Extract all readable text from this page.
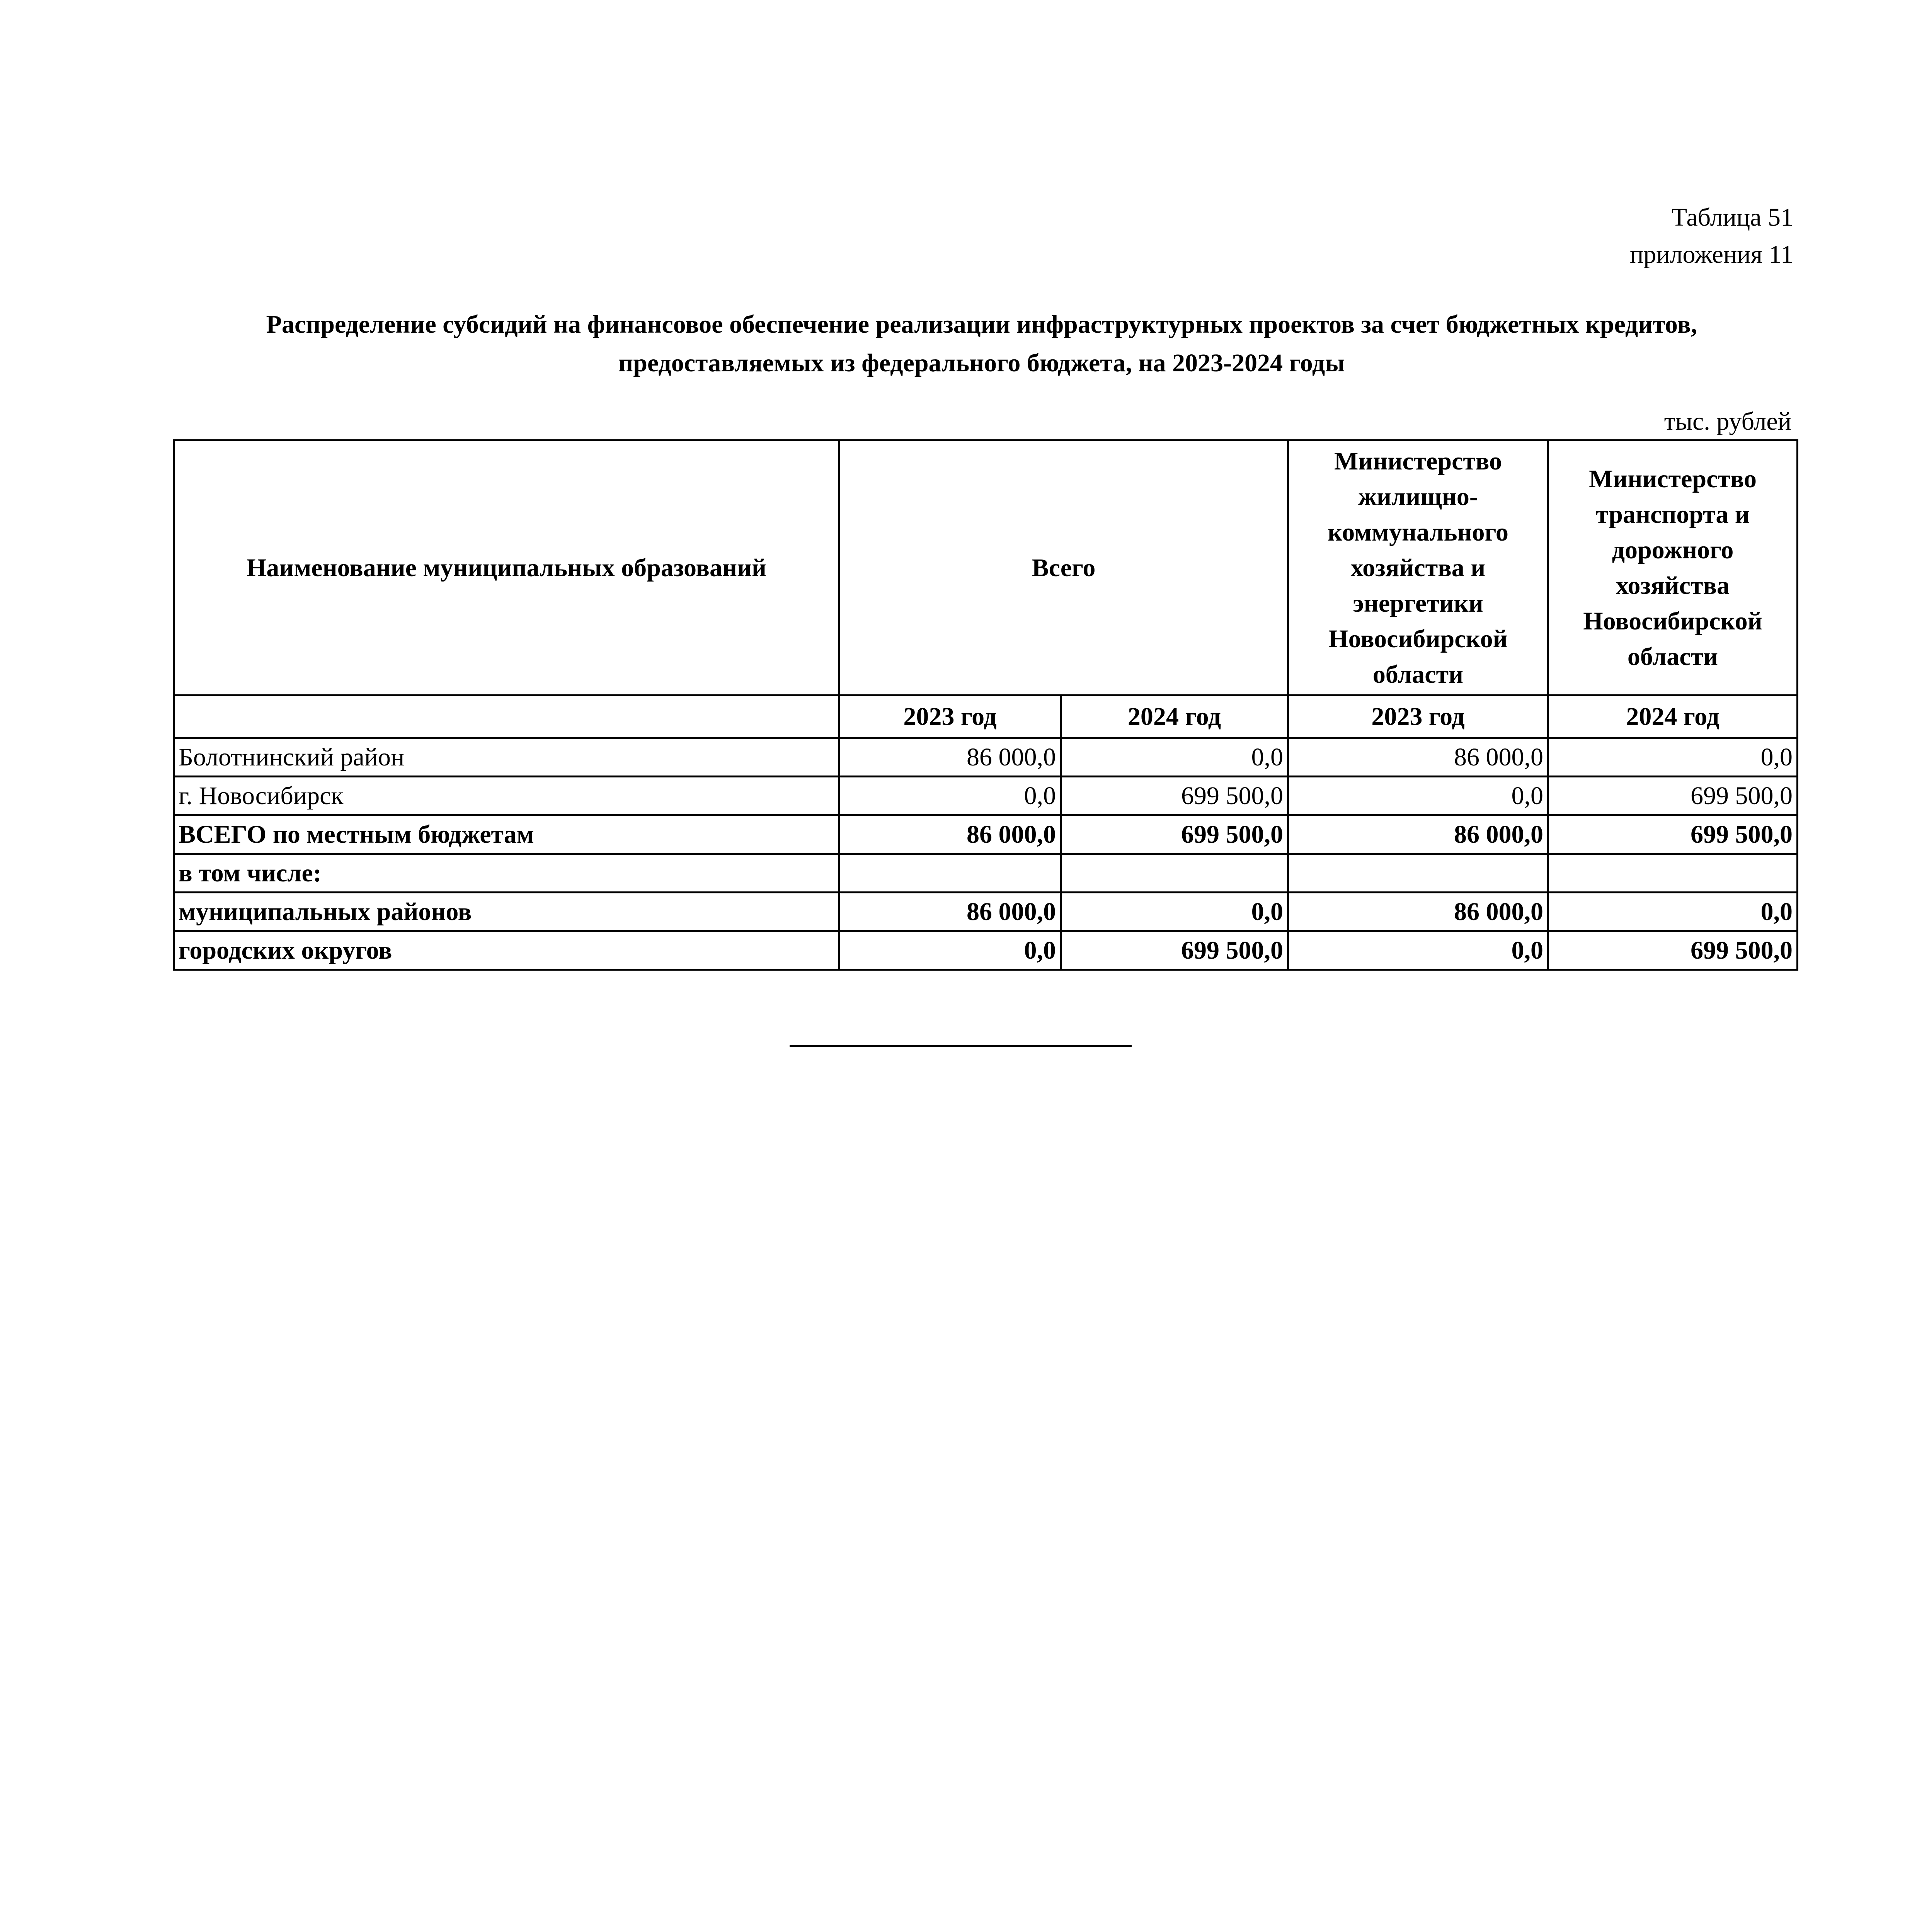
Таблица 51
приложения 11
Распределение субсидий на финансовое обеспечение реализации инфраструктурных проектов за счет бюджетных кредитов,
предоставляемых из федерального бюджета, на 2023-2024 годы
тыс. рублей
Наименование муниципальных образований	Всего		Министерство жилищно-коммунального хозяйства и энергетики Новосибирской области	Министерство транспорта и дорожного хозяйства Новосибирской области
	2023 год	2024 год	2023 год	2024 год
Болотнинский район	86 000,0	0,0	86 000,0	0,0
г. Новосибирск	0,0	699 500,0	0,0	699 500,0
ВСЕГО по местным бюджетам	86 000,0	699 500,0	86 000,0	699 500,0
в том числе:				
муниципальных районов	86 000,0	0,0	86 000,0	0,0
городских округов	0,0	699 500,0	0,0	699 500,0
